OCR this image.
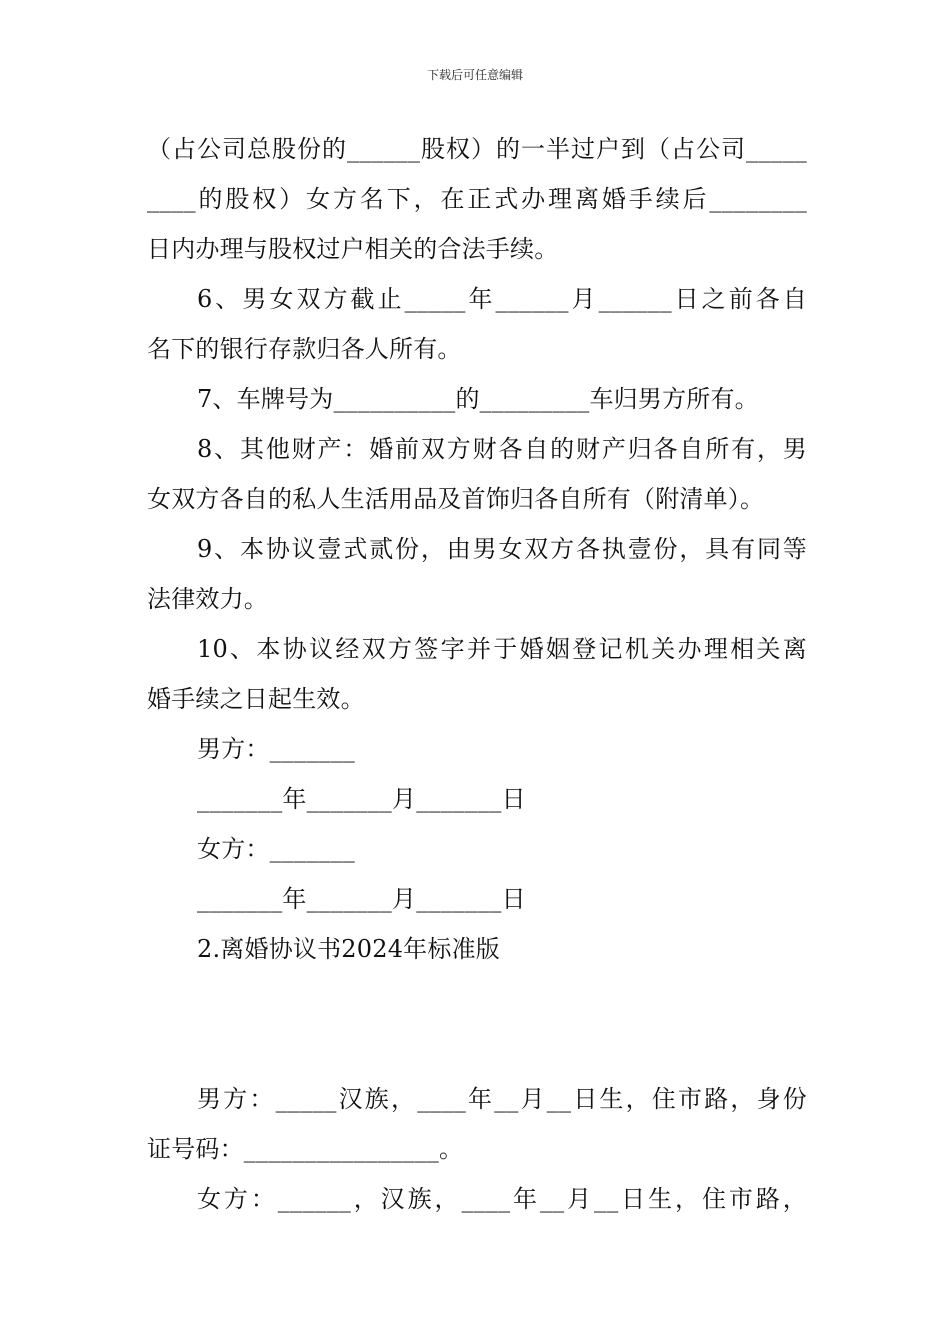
下载后可任意编辑
（占公司总股份的______股权）的一半过户到（占公司_____
____的股权）女方名下，在正式办理离婚手续后________
日内办理与股权过户相关的合法手续。
6、男女双方截止_____年______月______日之前各自
名下的银行存款归各人所有。
7、车牌号为__________的_________车归男方所有。
8、其他财产：婚前双方财各自的财产归各自所有，男
女双方各自的私人生活用品及首饰归各自所有（附清单）。
9、本协议壹式贰份，由男女双方各执壹份，具有同等
法律效力。
10、本协议经双方签字并于婚姻登记机关办理相关离
婚手续之日起生效。
男方：_______
_______年_______月_______日
女方：_______
_______年_______月_______日
2.离婚协议书2024年标准版
男方：_____汉族，____年__月__日生，住市路，身份
证号码：________________。
女方：______，汉族，____年__月__日生，住市路，
